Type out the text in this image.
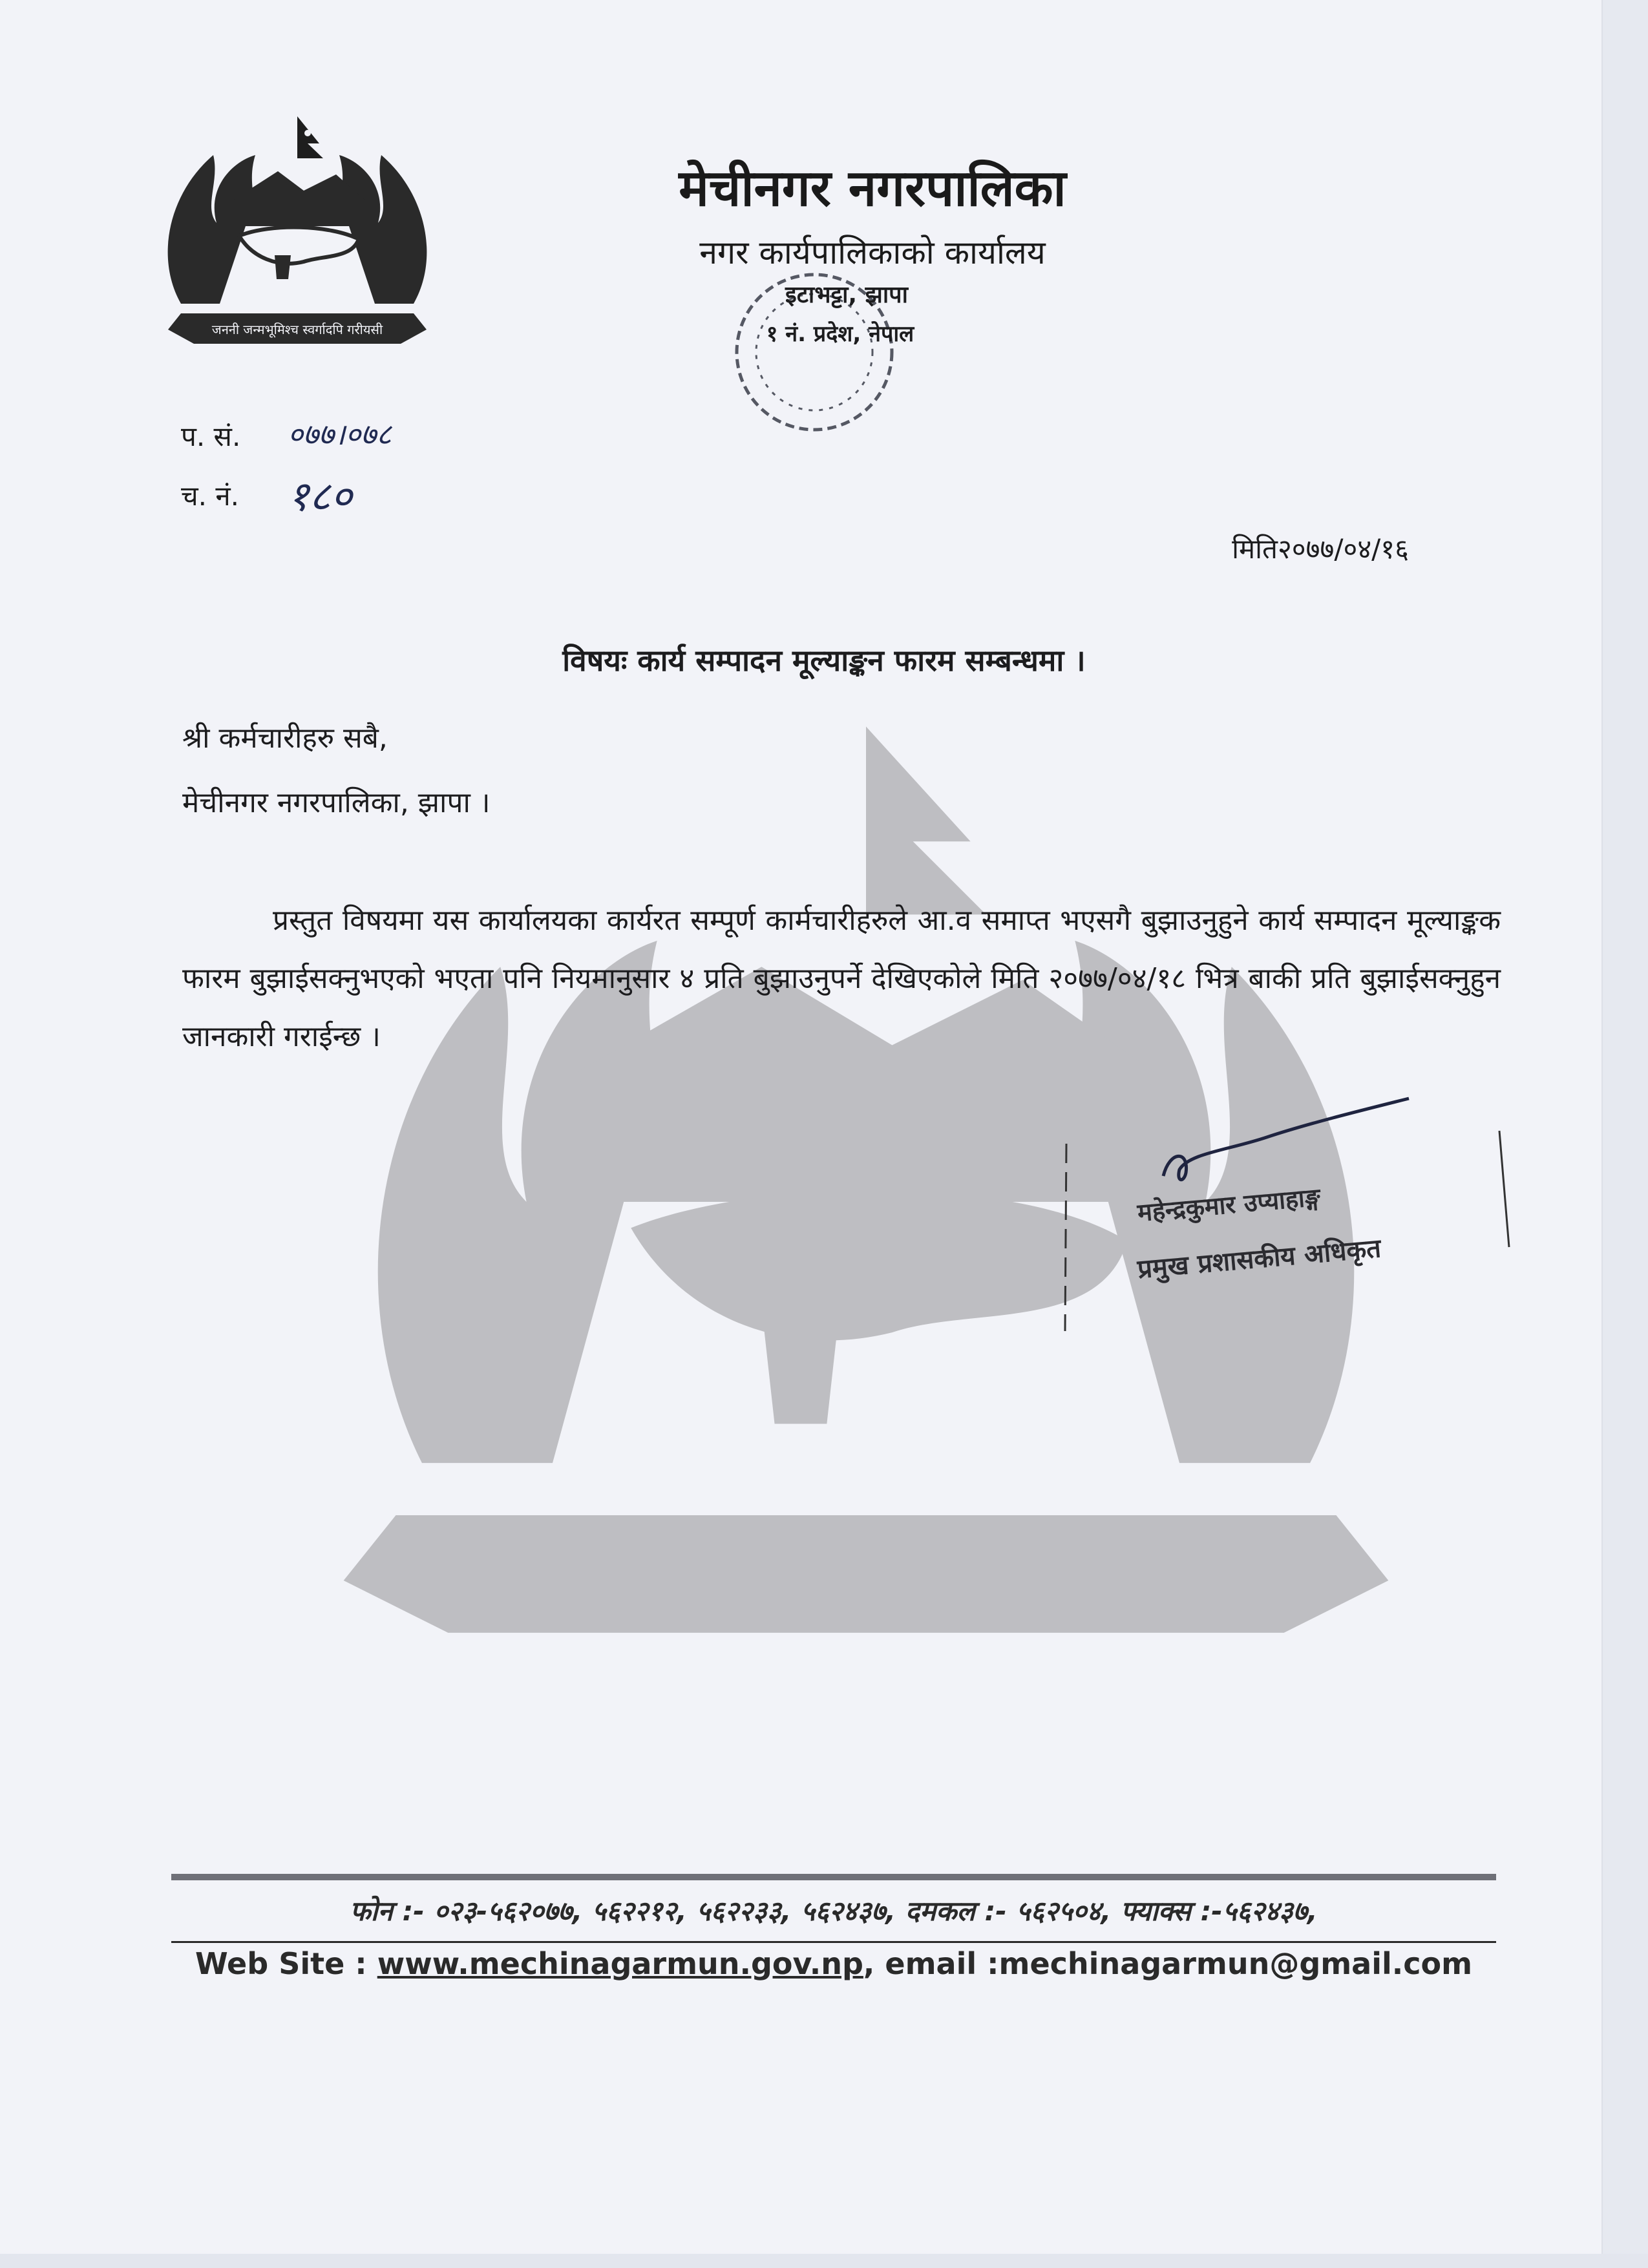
जननी जन्मभूमिश्च स्वर्गादपि गरीयसी
मेचीनगर नगरपालिका
नगर कार्यपालिकाको कार्यालय
इटाभट्टा, झापा
१ नं. प्रदेश, नेपाल
प. सं. ०७७।०७८
च. नं. १८०
मिति२०७७/०४/१६
विषयः कार्य सम्पादन मूल्याङ्कन फारम सम्बन्धमा ।
श्री कर्मचारीहरु सबै,
मेचीनगर नगरपालिका, झापा ।
प्रस्तुत विषयमा यस कार्यालयका कार्यरत सम्पूर्ण कार्मचारीहरुले आ.व समाप्त भएसगै बुझाउनुहुने कार्य सम्पादन मूल्याङ्कक फारम बुझाईसक्नुभएको भएता पनि नियमानुसार ४ प्रति बुझाउनुपर्ने देखिएकोले मिति २०७७/०४/१८ भित्र बाकी प्रति बुझाईसक्नुहुन जानकारी गराईन्छ ।
महेन्द्रकुमार उप्याहाङ्ग
प्रमुख प्रशासकीय अधिकृत
फोन :- ०२३-५६२०७७, ५६२२१२, ५६२२३३, ५६२४३७, दमकल :- ५६२५०४, फ्याक्स :-५६२४३७,
Web Site : www.mechinagarmun.gov.np, email :mechinagarmun@gmail.com
